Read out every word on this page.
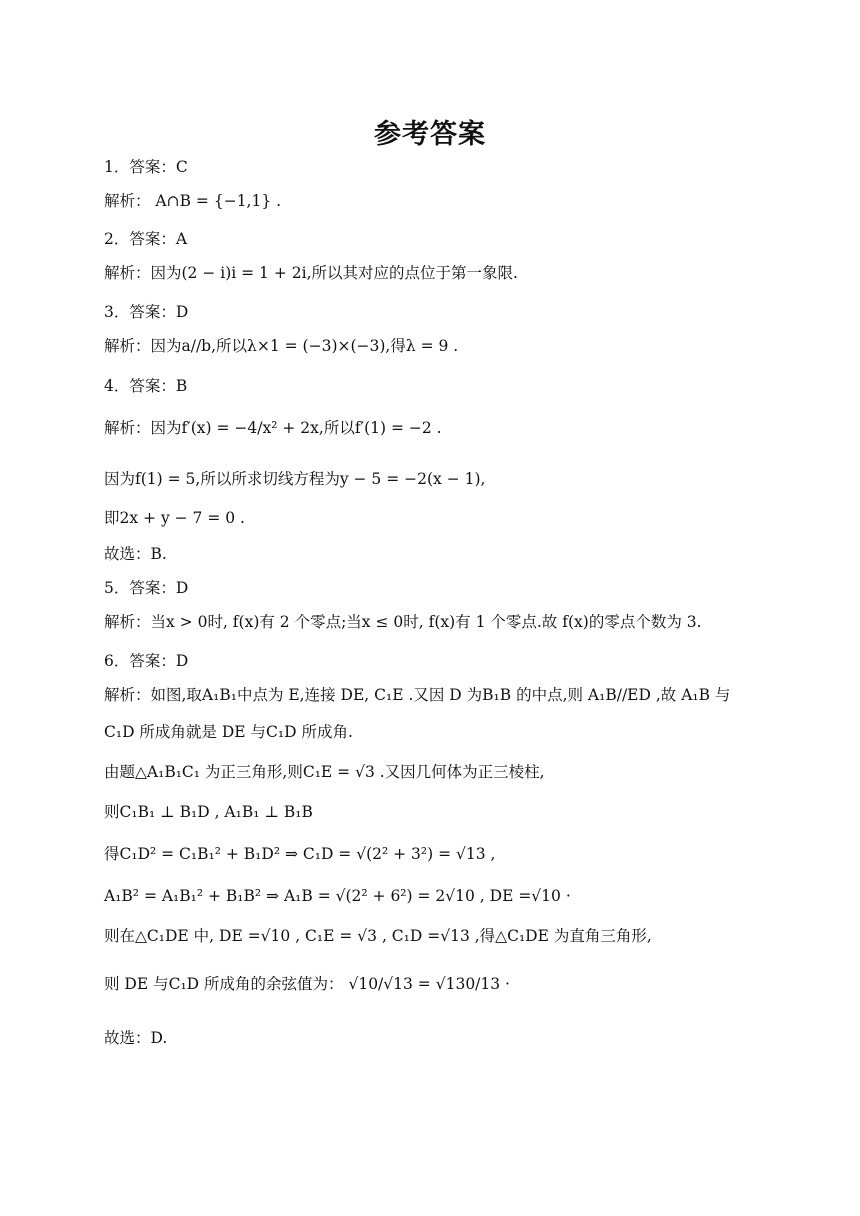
参考答案
1．答案：C
解析： A∩B = {−1,1} .
2．答案：A
解析：因为(2 − i)i = 1 + 2i,所以其对应的点位于第一象限.
3．答案：D
解析：因为a//b,所以λ×1 = (−3)×(−3),得λ = 9 .
4．答案：B
解析：因为f′(x) = −4/x² + 2x,所以f′(1) = −2 .
因为f(1) = 5,所以所求切线方程为y − 5 = −2(x − 1),
即2x + y − 7 = 0 .
故选：B.
5．答案：D
解析：当x > 0时, f(x)有 2 个零点;当x ≤ 0时, f(x)有 1 个零点.故 f(x)的零点个数为 3.
6．答案：D
解析：如图,取A₁B₁中点为 E,连接 DE, C₁E .又因 D 为B₁B 的中点,则 A₁B//ED ,故 A₁B 与
C₁D 所成角就是 DE 与C₁D 所成角.
由题△A₁B₁C₁ 为正三角形,则C₁E = √3 .又因几何体为正三棱柱,
则C₁B₁ ⊥ B₁D , A₁B₁ ⊥ B₁B
得C₁D² = C₁B₁² + B₁D² ⇒ C₁D = √(2² + 3²) = √13 ,
A₁B² = A₁B₁² + B₁B² ⇒ A₁B = √(2² + 6²) = 2√10 , DE =√10 ·
则在△C₁DE 中, DE =√10 , C₁E = √3 , C₁D =√13 ,得△C₁DE 为直角三角形,
则 DE 与C₁D 所成角的余弦值为： √10/√13 = √130/13 ·
故选：D.
